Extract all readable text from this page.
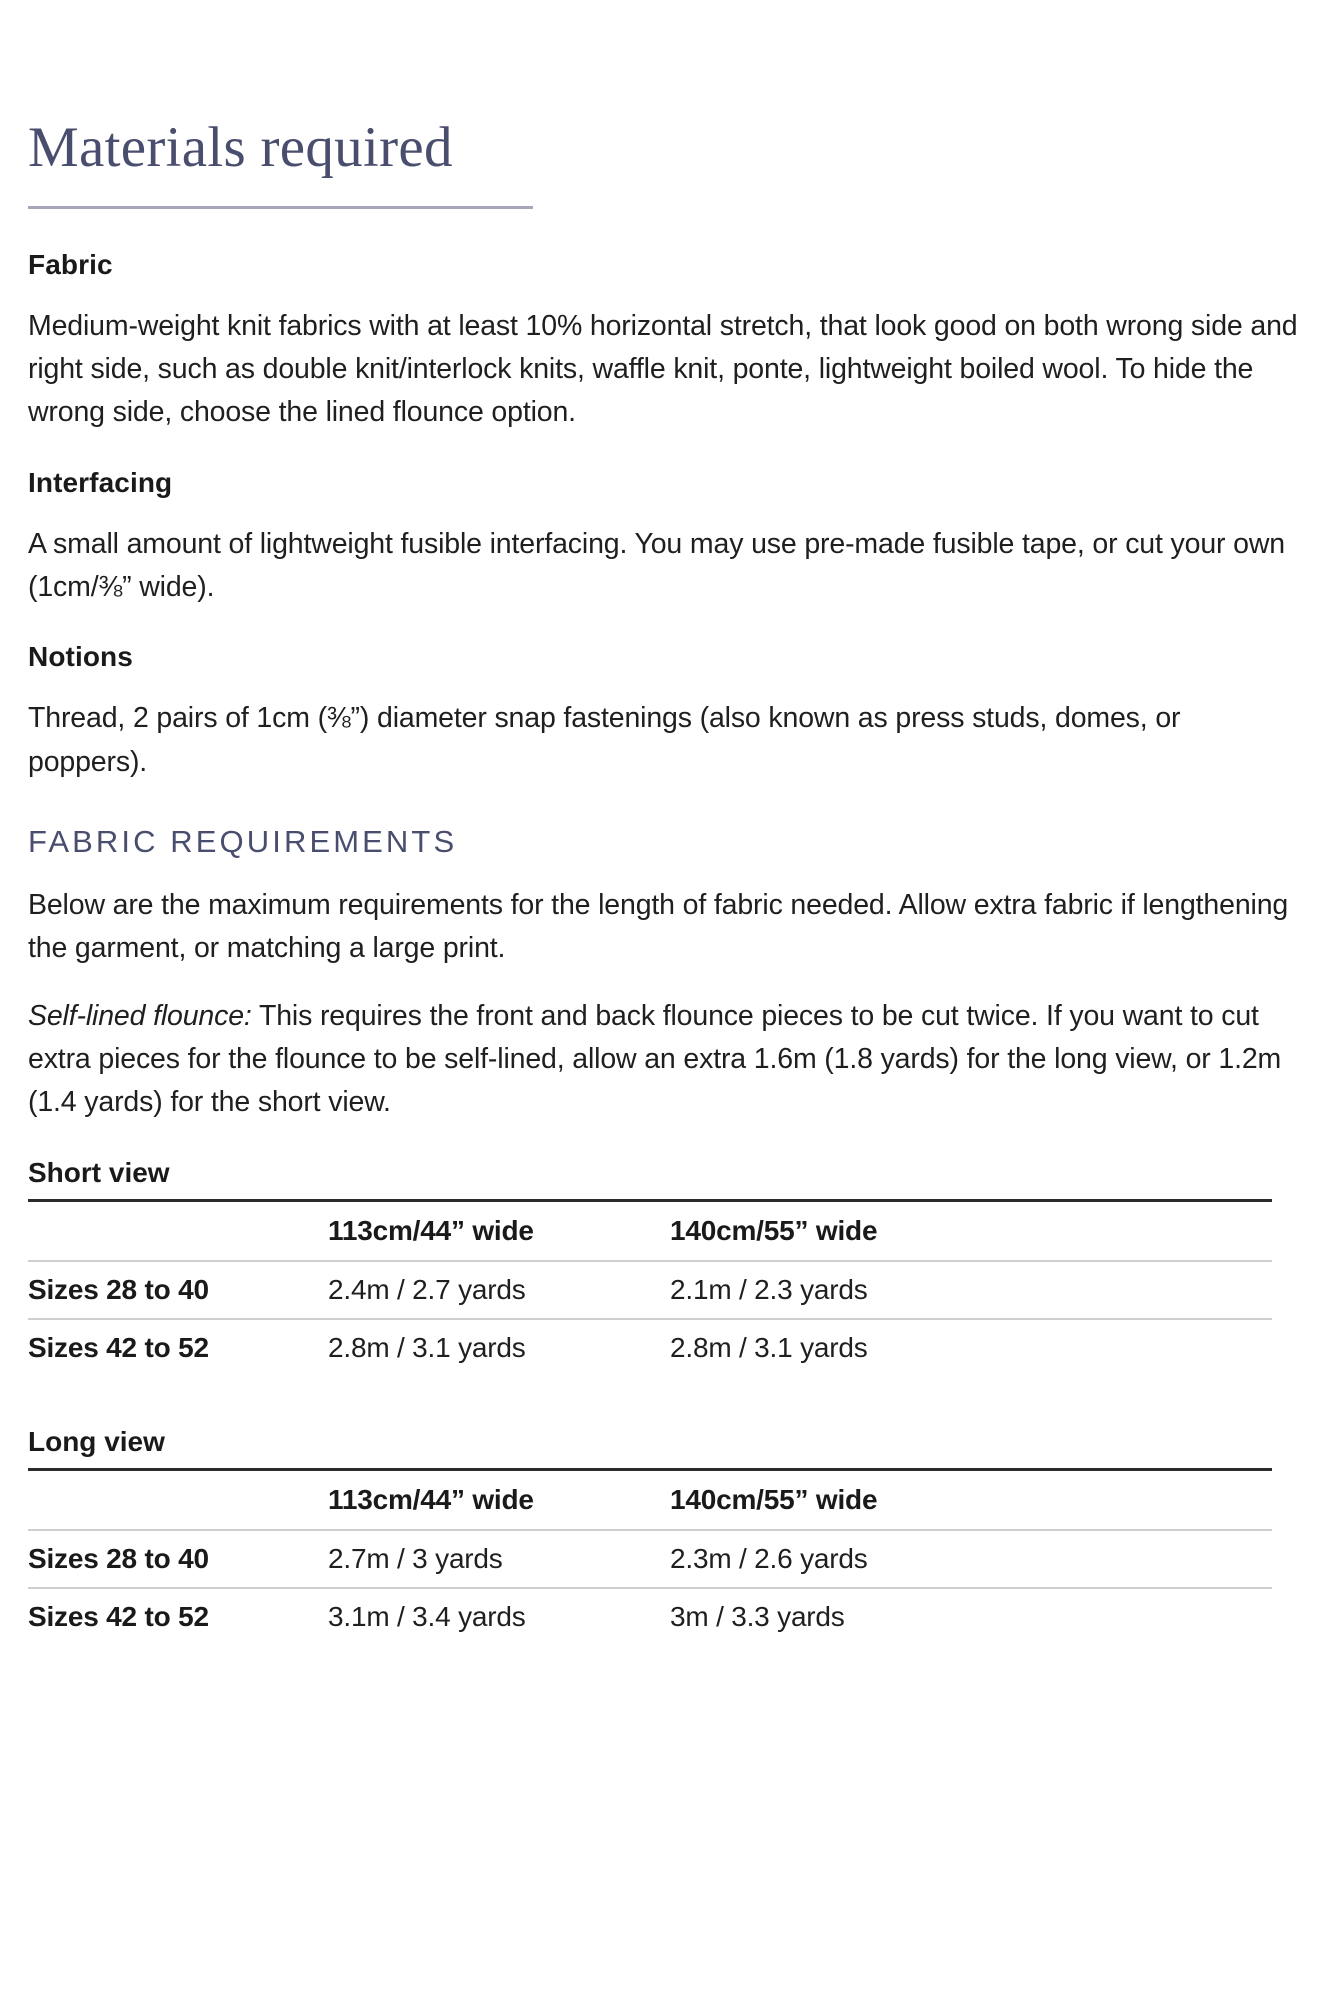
Materials required
Fabric

Medium-weight knit fabrics with at least 10% horizontal stretch, that look good on both wrong side and right side, such as double knit/interlock knits, waffle knit, ponte, lightweight boiled wool. To hide the wrong side, choose the lined flounce option.

Interfacing

A small amount of lightweight fusible interfacing. You may use pre-made fusible tape, or cut your own (1cm/⅜” wide).

Notions

Thread, 2 pairs of 1cm (⅜”) diameter snap fastenings (also known as press studs, domes, or poppers).

FABRIC REQUIREMENTS

Below are the maximum requirements for the length of fabric needed. Allow extra fabric if lengthening the garment, or matching a large print.

Self-lined flounce: This requires the front and back flounce pieces to be cut twice. If you want to cut extra pieces for the flounce to be self-lined, allow an extra 1.6m (1.8 yards) for the long view, or 1.2m (1.4 yards) for the short view.

Short view
	113cm/44” wide	140cm/55” wide
Sizes 28 to 40	2.4m / 2.7 yards	2.1m / 2.3 yards
Sizes 42 to 52	2.8m / 3.1 yards	2.8m / 3.1 yards
Long view
	113cm/44” wide	140cm/55” wide
Sizes 28 to 40	2.7m / 3 yards	2.3m / 2.6 yards
Sizes 42 to 52	3.1m / 3.4 yards	3m / 3.3 yards
